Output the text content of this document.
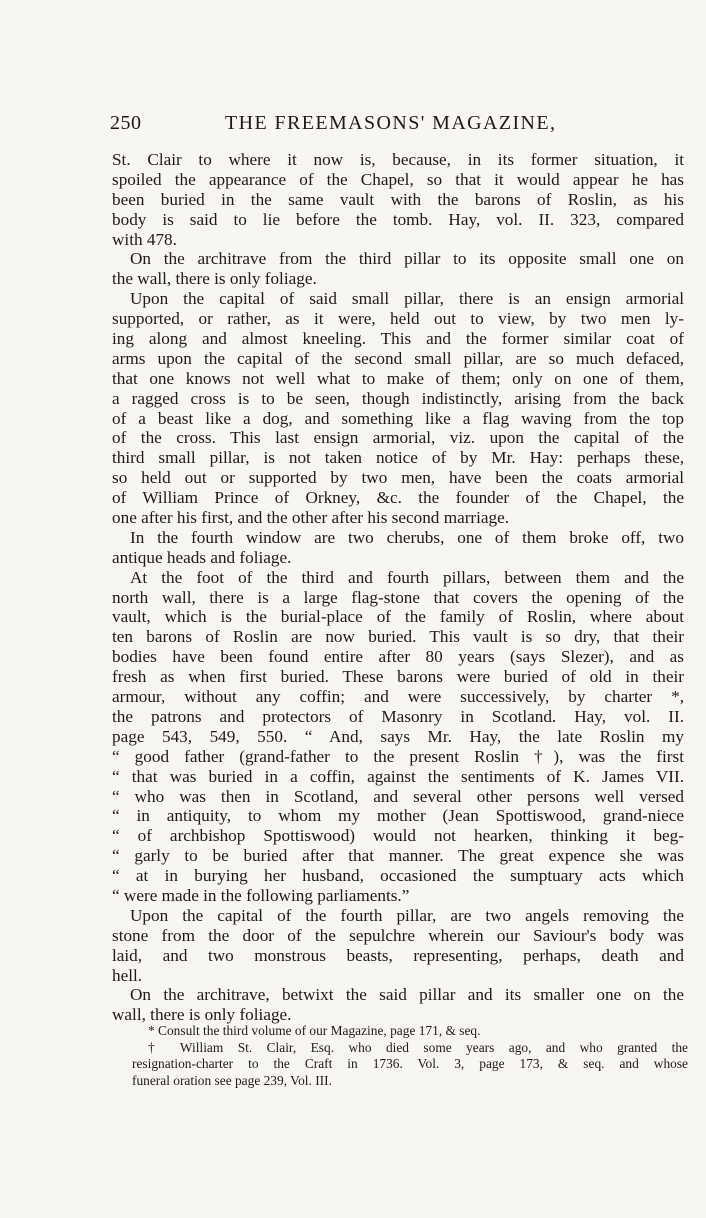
250	THE FREEMASONS' MAGAZINE,
St. Clair to where it now is, because, in its former situation, it
spoiled the appearance of the Chapel, so that it would appear he has
been buried in the same vault with the barons of Roslin, as his
body is said to lie before the tomb. Hay, vol. II. 323, compared
with 478.
On the architrave from the third pillar to its opposite small one on
the wall, there is only foliage.
Upon the capital of said small pillar, there is an ensign armorial
supported, or rather, as it were, held out to view, by two men ly-
ing along and almost kneeling. This and the former similar coat of
arms upon the capital of the second small pillar, are so much defaced,
that one knows not well what to make of them; only on one of them,
a ragged cross is to be seen, though indistinctly, arising from the back
of a beast like a dog, and something like a flag waving from the top
of the cross. This last ensign armorial, viz. upon the capital of the
third small pillar, is not taken notice of by Mr. Hay: perhaps these,
so held out or supported by two men, have been the coats armorial
of William Prince of Orkney, &c. the founder of the Chapel, the
one after his first, and the other after his second marriage.
In the fourth window are two cherubs, one of them broke off, two
antique heads and foliage.
At the foot of the third and fourth pillars, between them and the
north wall, there is a large flag-stone that covers the opening of the
vault, which is the burial-place of the family of Roslin, where about
ten barons of Roslin are now buried. This vault is so dry, that their
bodies have been found entire after 80 years (says Slezer), and as
fresh as when first buried. These barons were buried of old in their
armour, without any coffin; and were successively, by charter *,
the patrons and protectors of Masonry in Scotland. Hay, vol. II.
page 543, 549, 550. “ And, says Mr. Hay, the late Roslin my
“ good father (grand-father to the present Roslin †), was the first
“ that was buried in a coffin, against the sentiments of K. James VII.
“ who was then in Scotland, and several other persons well versed
“ in antiquity, to whom my mother (Jean Spottiswood, grand-niece
“ of archbishop Spottiswood) would not hearken, thinking it beg-
“ garly to be buried after that manner. The great expence she was
“ at in burying her husband, occasioned the sumptuary acts which
“ were made in the following parliaments.”
Upon the capital of the fourth pillar, are two angels removing the
stone from the door of the sepulchre wherein our Saviour's body was
laid, and two monstrous beasts, representing, perhaps, death and
hell.
On the architrave, betwixt the said pillar and its smaller one on the
wall, there is only foliage.
* Consult the third volume of our Magazine, page 171, & seq.
† William St. Clair, Esq. who died some years ago, and who granted the
resignation-charter to the Craft in 1736. Vol. 3, page 173, & seq. and whose
funeral oration see page 239, Vol. III.
